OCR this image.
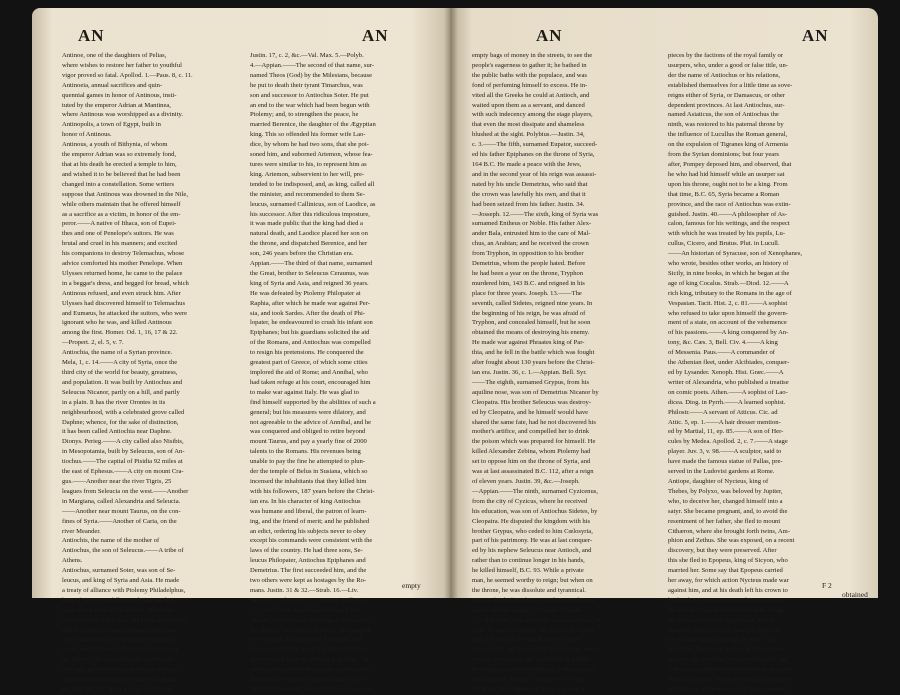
AN	AN
Antinoe, one of the daughters of Pelias,
where wishes to restore her father to youthful
vigor proved so fatal. Apollod. 1.—Paus. 8, c. 11.
Antinoeia, annual sacrifices and quin-
quennial games in honor of Antinous, insti-
tuted by the emperor Adrian at Mantinea,
where Antinous was worshipped as a divinity.
Antinopolis, a town of Egypt, built in
honor of Antinous.
Antinous, a youth of Bithynia, of whom
the emperor Adrian was so extremely fond,
that at his death he erected a temple to him,
and wished it to be believed that he had been
changed into a constellation. Some writers
suppose that Antinous was drowned in the Nile,
while others maintain that he offered himself
as a sacrifice as a victim, in honor of the em-
peror.——A native of Ithaca, son of Eupei-
thes and one of Penelope's suitors. He was
brutal and cruel in his manners; and excited
his companions to destroy Telemachus, whose
advice comforted his mother Penelope. When
Ulysses returned home, he came to the palace
in a beggar's dress, and begged for bread, which
Antinous refused, and even struck him. After
Ulysses had discovered himself to Telemachus
and Eumæus, he attacked the suitors, who were
ignorant who he was, and killed Antinous
among the first. Homer. Od. 1, 16, 17 & 22.
—Propert. 2, el. 5, v. 7.
Antiochia, the name of a Syrian province.
Mela, 1, c. 14.——A city of Syria, once the
third city of the world for beauty, greatness,
and population. It was built by Antiochus and
Seleucus Nicanor, partly on a hill, and partly
in a plain. It has the river Orontes in its
neighbourhood, with a celebrated grove called
Daphne; whence, for the sake of distinction,
it has been called Antiochia near Daphne.
Dionys. Perieg.——A city called also Nisibis,
in Mesopotamia, built by Seleucus, son of An-
tiochus.——The capital of Pisidia 92 miles at
the east of Ephesus.——A city on mount Cra-
gus.——Another near the river Tigris, 25
leagues from Seleucia on the west.——Another
in Margiana, called Alexandria and Seleucia.
——Another near mount Taurus, on the con-
fines of Syria.——Another of Caria, on the
river Meander.
Antiochis, the name of the mother of
Antiochus, the son of Seleucus.——A tribe of
Athens.
Antiochus, surnamed Soter, was son of Se-
leucus, and king of Syria and Asia. He made
a treaty of alliance with Ptolemy Philadelphus,
king of Egypt. He fell into a lingering dis-
ease, which none of his father's physicians
could cure for some time, till it was discovered
that his pulse was more irregular than usual
when Stratonice his step-mother entered his
room, and that love for her was the cause of
his illness. This was told to the father, who
willingly gave Stratonice to his son, that his
immoderate love might not cause his death.
He died 291 B.C. after a reign of 19 years.
Justin. 17, c. 2, &c.—Val. Max. 5.—Polyb.
4.—Appian.——The second of that name, sur-
named Theos (God) by the Milesians, because
he put to death their tyrant Timarchus, was
son and successor to Antiochus Soter. He put
an end to the war which had been begun with
Ptolemy; and, to strengthen the peace, he
married Berenice, the daughter of the Ægyptian
king. This so offended his former wife Lao-
dice, by whom he had two sons, that she poi-
soned him, and suborned Artemon, whose fea-
tures were similar to his, to represent him as
king. Artemon, subservient to her will, pre-
tended to be indisposed, and, as king, called all
the minister, and recommended to them Se-
leucus, surnamed Callinicus, son of Laodice, as
his successor. After this ridiculous imposture,
it was made public that the king had died a
natural death, and Laodice placed her son on
the throne, and dispatched Berenice, and her
son, 246 years before the Christian era.
Appian.——The third of that name, surnamed
the Great, brother to Seleucus Ceraunus, was
king of Syria and Asia, and reigned 36 years.
He was defeated by Ptolemy Philopater at
Raphia, after which he made war against Per-
sia, and took Sardes. After the death of Phi-
lopater, he endeavoured to crush his infant son
Epiphanes; but his guardians solicited the aid
of the Romans, and Antiochus was compelled
to resign his pretensions. He conquered the
greatest part of Greece, of which some cities
implored the aid of Rome; and Annibal, who
had taken refuge at his court, encouraged him
to make war against Italy. He was glad to
find himself supported by the abilities of such a
general; but his measures were dilatory, and
not agreeable to the advice of Annibal, and he
was conquered and obliged to retire beyond
mount Taurus, and pay a yearly fine of 2000
talents to the Romans. His revenues being
unable to pay the fine he attempted to plun-
der the temple of Belus in Susiana, which so
incensed the inhabitants that they killed him
with his followers, 187 years before the Christ-
ian era. In his character of king Antiochus
was humane and liberal, the patron of learn-
ing, and the friend of merit; and he published
an edict, ordering his subjects never to obey
except his commands were consistent with the
laws of the country. He had three sons, Se-
leucus Philopater, Antiochus Epiphanes and
Demetrius. The first succeeded him, and the
two others were kept as hostages by the Ro-
mans. Justin. 31 & 32.—Strab. 16.—Liv.
34, c. 59.—Flor. 2, c. 1.—Appian. Bell. Syr.
——The fourth Antiochus, surnamed Epi-
phanes, or Illustrious, was king of Syria, after
the death of his brother Seleucus, and reigned
eleven years. He destroyed Jerusalem, and
was so cruel to the Jews, that they called him
Epimanes, or Furious, and not Epiphanes. He
attempted to plunder Persepolis without effect.
He was of a voracious appetite, and fond of
childish diversions; he used for his pleasure to
empty
AN	AN
empty bags of money in the streets, to see the
people's eagerness to gather it; he bathed in
the public baths with the populace, and was
fond of perfuming himself to excess. He in-
vited all the Greeks he could at Antioch, and
waited upon them as a servant, and danced
with such indecency among the stage players,
that even the most dissipate and shameless
blushed at the sight. Polybius.—Justin. 34,
c. 3.——The fifth, surnamed Eupator, succeed-
ed his father Epiphanes on the throne of Syria,
164 B.C. He made a peace with the Jews,
and in the second year of his reign was assassi-
nated by his uncle Demetrius, who said that
the crown was lawfully his own, and that it
had been seized from his father. Justin. 34.
—Josseph. 12.——The sixth, king of Syria was
surnamed Entheus or Noble. His father Alex-
ander Bala, entrusted him to the care of Mal-
chus, an Arabian; and he received the crown
from Tryphon, in opposition to his brother
Demetrius, whom the people hated. Before
he had been a year on the throne, Tryphon
murdered him, 143 B.C. and reigned in his
place for three years. Joseph. 13.——The
seventh, called Sidetes, reigned nine years. In
the beginning of his reign, he was afraid of
Tryphon, and concealed himself, but he soon
obtained the means of destroying his enemy.
He made war against Phraates king of Par-
thia, and he fell in the battle which was fought
after fought about 130 years before the Christ-
ian era. Justin. 36, c. 1.—Appian. Bell. Syr.
——The eighth, surnamed Grypus, from his
aquiline nose, was son of Demetrius Nicanor by
Cleopatra. His brother Seleucus was destroy-
ed by Cleopatra, and he himself would have
shared the same fate, had he not discovered his
mother's artifice, and compelled her to drink
the poison which was prepared for himself. He
killed Alexander Zebina, whom Ptolemy had
set to oppose him on the throne of Syria, and
was at last assassinated B.C. 112, after a reign
of eleven years. Justin. 39, &c.—Joseph.
—Appian.——The ninth, surnamed Cyzicenus,
from the city of Cyzicus, where he received
his education, was son of Antiochus Sidetes, by
Cleopatra. He disputed the kingdom with his
brother Grypus, who ceded to him Cœlosyria,
part of his patrimony. He was at last conquer-
ed by his nephew Seleucus near Antioch, and
rather than to continue longer in his hands,
he killed himself, B.C. 93. While a private
man, he seemed worthy to reign; but when on
the throne, he was dissolute and tyrannical.
He was fond of mechanics, and invented some
useful military engines. Appian.—Joseph.
——The tenth, was ironically surnamed Pius, be-
cause he married Selene, the wife of his father
and of his uncle. He was the son of Anti-
ochus ninth, and he expelled Seleucus the son of
Grypus from Syria, and was killed in a battle
he fought against the Parthians, in the cause of
the Galatians. Joseph.—Appian.——After
his death, the kingdom of Syria was torn to
pieces by the factions of the royal family or
usurpers, who, under a good or false title, un-
der the name of Antiochus or his relations,
established themselves for a little time as sove-
reigns either of Syria, or Damascus, or other
dependent provinces. At last Antiochus, sur-
named Asiaticus, the son of Antiochus the
ninth, was restored to his paternal throne by
the influence of Lucullus the Roman general,
on the expulsion of Tigranes king of Armenia
from the Syrian dominions; but four years
after, Pompey deposed him, and observed, that
he who had hid himself while an usurper sat
upon his throne, ought not to be a king. From
that time, B.C. 65, Syria became a Roman
province, and the race of Antiochus was extin-
guished. Justin. 40.——A philosopher of As-
calon, famous for his writings, and the respect
with which he was treated by his pupils, Lu-
cullus, Cicero, and Brutus. Plut. in Lucull.
——An historian of Syracuse, son of Xenophanes,
who wrote, besides other works, an history of
Sicily, in nine books, in which he began at the
age of king Cocalus. Strab.—Diod. 12.——A
rich king, tributary to the Romans in the age of
Vespasian. Tacit. Hist. 2, c. 81.——A sophist
who refused to take upon himself the govern-
ment of a state, on account of the vehemence
of his passions.——A king conquered by An-
tony, &c. Cæs. 3, Bell. Civ. 4.——A king
of Messenia. Paus.——A commander of
the Athenian fleet, under Alcibiades, conquer-
ed by Lysander. Xenoph. Hist. Græc.——A
writer of Alexandria, who published a treatise
on comic poets. Athen.——A sophist of Lao-
dicea. Diog. in Pyrrh.——A learned sophist.
Philostr.——A servant of Atticus. Cic. ad
Attic. 5, ep. 1.——A hair dresser mention-
ed by Martial, 11, ep. 85.——A son of Her-
cules by Medea. Apollod. 2, c. 7.——A stage
player. Juv. 3, v. 98.——A sculptor, said to
have made the famous statue of Pallas, pre-
served in the Ludovisi gardens at Rome.
Antiope, daughter of Nycteus, king of
Thebes, by Polyxo, was beloved by Jupiter,
who, to deceive her, changed himself into a
satyr. She became pregnant, and, to avoid the
resentment of her father, she fled to mount
Cithæron, where she brought forth twins, Am-
phion and Zethus. She was exposed, on a recent
discovery, but they were preserved. After
this she fled to Epopeus, king of Sicyon, who
married her. Some say that Epopeus carried
her away, for which action Nycteus made war
against him, and at his death left his crown to
his brother Lycus, entreating him to continue
the war and punish the ravisher of his daugh-
ter. Lycus obeyed his injunctions, killed
Epopeus, and recovered Antiope, whom he
loved, and married, though his niece. His
first wife, Dirce, was jealous of his new con-
nection; she prevailed upon her husband, and
Antiope was delivered into her hands, and con-
fined in a prison, where she was daily torment-
ed. Antiope, after many years' imprisonment,
F 2
obtained
